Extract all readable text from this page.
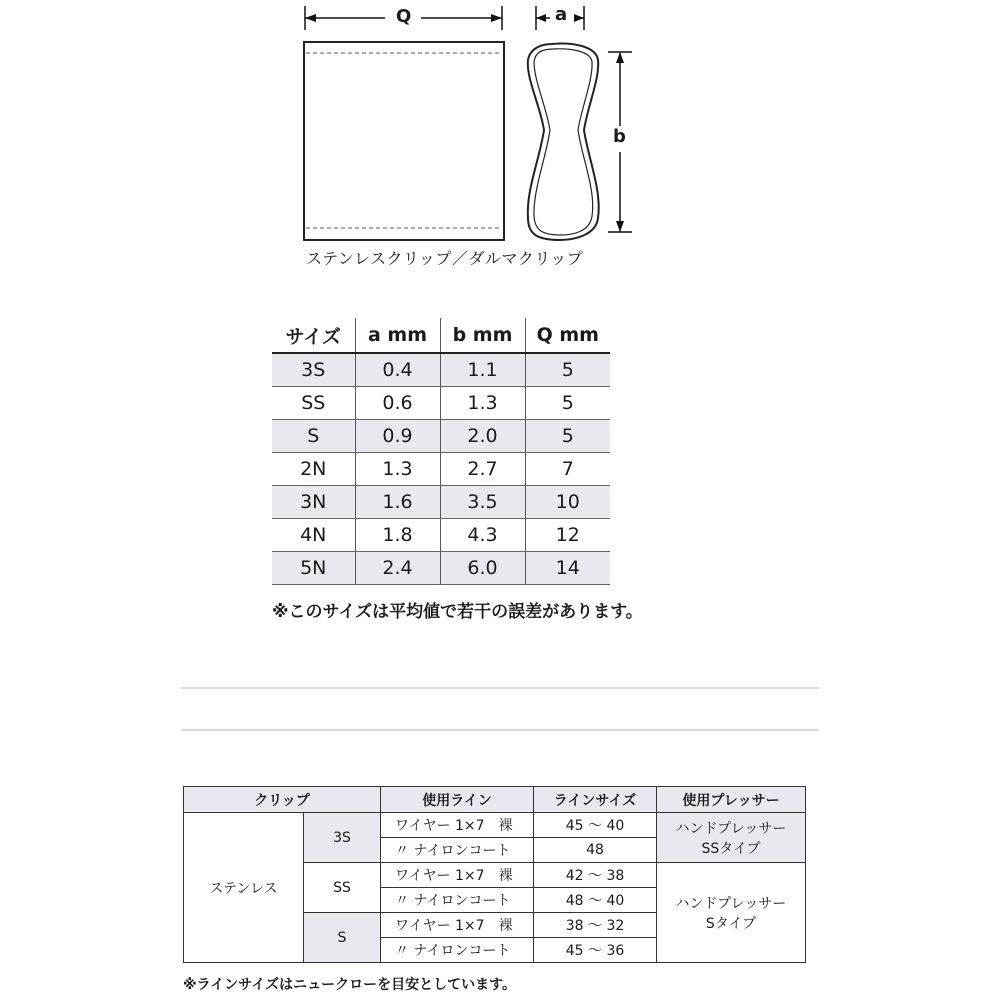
Q	a
b
ステンレスクリップ／ダルマクリップ
サイズ	a mm	b mm	Q mm
3S	0.4	1.1	5
SS	0.6	1.3	5
S	0.9	2.0	5
2N	1.3	2.7	7
3N	1.6	3.5	10
4N	1.8	4.3	12
5N	2.4	6.0	14
※このサイズは平均値で若干の誤差があります。
クリップ		使用ライン	ラインサイズ	使用プレッサー
ステンレス	3S	ワイヤー 1×7　裸	45 ～ 40	ハンドプレッサー
SSタイプ
		〃 ナイロンコート	48	
	SS	ワイヤー 1×7　裸	42 ～ 38	ハンドプレッサー
Sタイプ
		〃 ナイロンコート	48 ～ 40	
	S	ワイヤー 1×7　裸	38 ～ 32	
		〃 ナイロンコート	45 ～ 36	
※ラインサイズはニュークローを目安としています。
